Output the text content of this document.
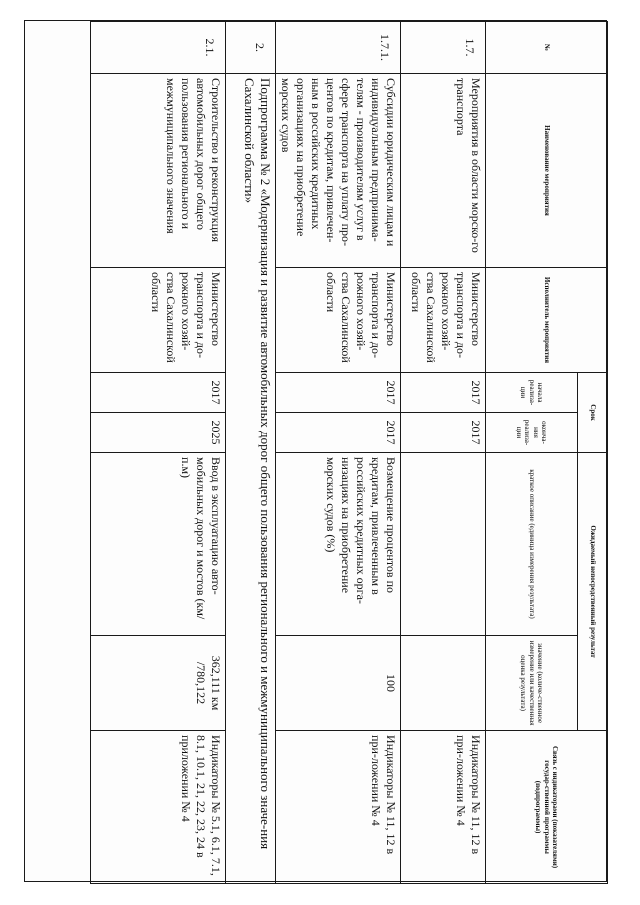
№	Наименование мероприятия	Исполнитель мероприятия	Срок		Ожидаемый непосредственный результат		Связь с индикаторами (показателями) государ-ственной программы (подпрограммы)
			начала реализа-ции	оконча-ния реализа-ции	краткое описание (единица измерения результата)	значение (количе-ственное измерение или качественная оценка результата)	
1.7.	Мероприятия в области морско-го транспорта	Министерство транспорта и до-рожного хозяй-ства Сахалинской области	2017	2017			Индикаторы № 11, 12 в при-ложении № 4
1.7.1.	Субсидии юридическим лицам и индивидуальным предпринима-телям - производителям услуг в сфере транспорта на уплату про-центов по кредитам, привлечен-ным в российских кредитных организациях на приобретение морских судов	Министерство транспорта и до-рожного хозяй-ства Сахалинской области	2017	2017	Возмещение процентов по кредитам, привлеченным в российских кредитных орга-низациях на приобретение морских судов (%)	100	Индикаторы № 11, 12 в при-ложении № 4
2.	Подпрограмма № 2 «Модернизация и развитие автомобильных дорог общего пользования регионального и межмуниципального значе-ния Сахалинской области»						
2.1.	Строительство и реконструкция автомобильных дорог общего пользования регионального и межмуниципального значения	Министерство транспорта и до-рожного хозяй-ства Сахалинской области	2017	2025	Ввод в эксплуатацию авто-мобильных дорог и мостов (км/п.м)	362,111 км /780,122	Индикаторы № 5.1, 6.1, 7.1, 8.1, 10.1, 21, 22, 23, 24 в приложении № 4
